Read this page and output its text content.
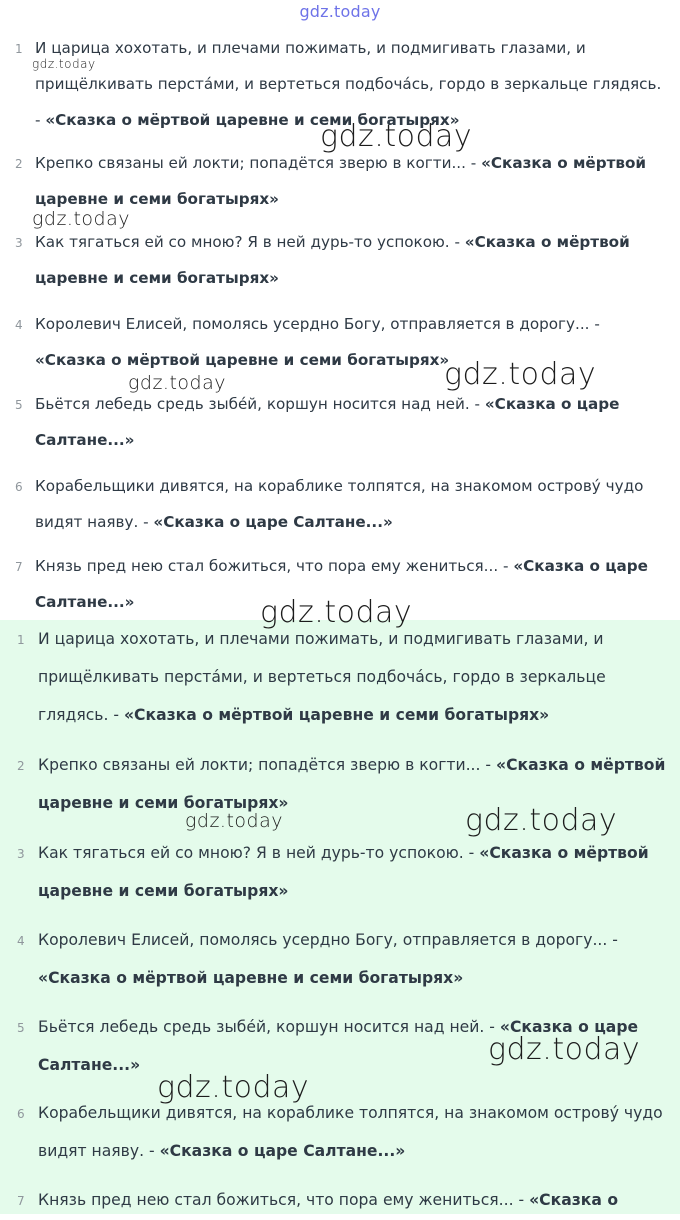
gdz.today
1 И царица хохотать, и плечами пожимать, и подмигивать глазами, и прищёлкивать перстáми, и вертеться подбочáсь, гордо в зеркальце глядясь. - «Сказка о мёртвой царевне и семи богатырях»
2 Крепко связаны ей локти; попадётся зверю в когти... - «Сказка о мёртвой царевне и семи богатырях»
3 Как тягаться ей со мною? Я в ней дурь-то успокою. - «Сказка о мёртвой царевне и семи богатырях»
4 Королевич Елисей, помолясь усердно Богу, отправляется в дорогу... - «Сказка о мёртвой царевне и семи богатырях»
5 Бьётся лебедь средь зыбéй, коршун носится над ней. - «Сказка о царе Салтане...»
6 Корабельщики дивятся, на кораблике толпятся, на знакомом островý чудо видят наяву. - «Сказка о царе Салтане...»
7 Князь пред нею стал божиться, что пора ему жениться... - «Сказка о царе Салтане...»
1 И царица хохотать, и плечами пожимать, и подмигивать глазами, и прищёлкивать перстáми, и вертеться подбочáсь, гордо в зеркальце глядясь. - «Сказка о мёртвой царевне и семи богатырях»
2 Крепко связаны ей локти; попадётся зверю в когти... - «Сказка о мёртвой царевне и семи богатырях»
3 Как тягаться ей со мною? Я в ней дурь-то успокою. - «Сказка о мёртвой царевне и семи богатырях»
4 Королевич Елисей, помолясь усердно Богу, отправляется в дорогу... - «Сказка о мёртвой царевне и семи богатырях»
5 Бьётся лебедь средь зыбéй, коршун носится над ней. - «Сказка о царе Салтане...»
6 Корабельщики дивятся, на кораблике толпятся, на знакомом островý чудо видят наяву. - «Сказка о царе Салтане...»
7 Князь пред нею стал божиться, что пора ему жениться... - «Сказка о
gdz.today
gdz.today
gdz.today
gdz.today	gdz.today
gdz.today
gdz.today	gdz.today
gdz.today
gdz.today
